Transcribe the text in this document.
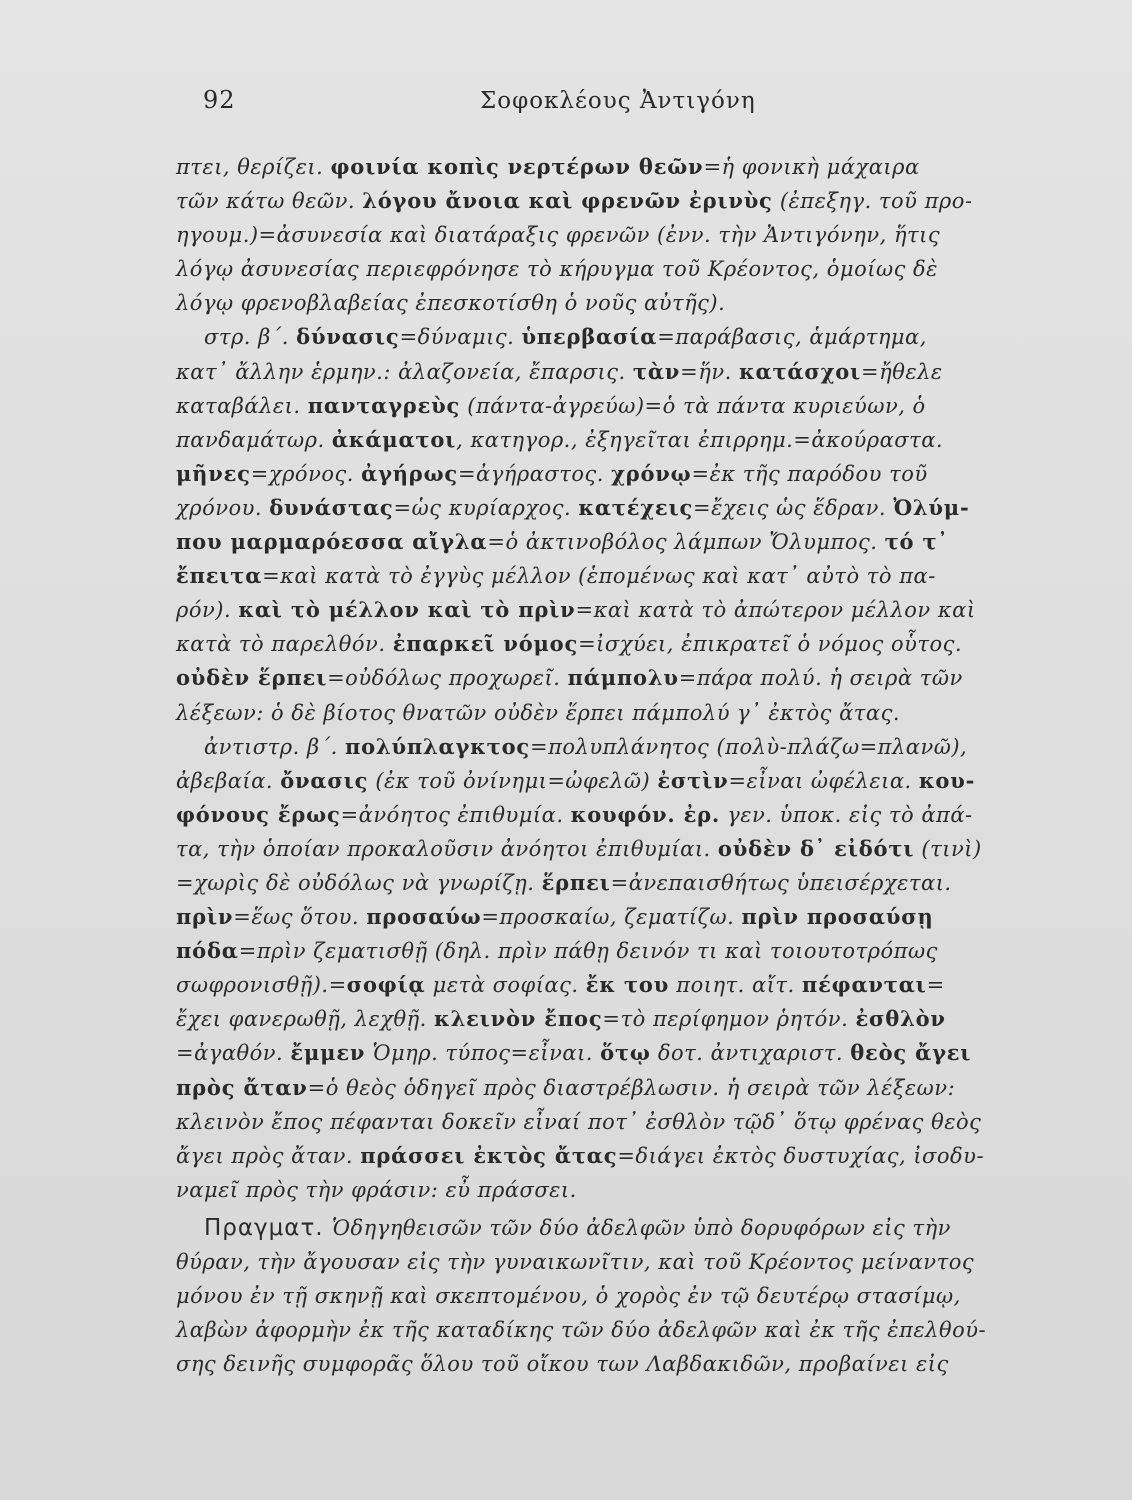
92	Σοφοκλέους Ἀντιγόνη
πτει, θερίζει. φοινία κοπὶς νερτέρων θεῶν=ἡ φονικὴ μάχαιρα
τῶν κάτω θεῶν. λόγου ἄνοια καὶ φρενῶν ἐρινὺς (ἐπεξηγ. τοῦ προ-
ηγουμ.)=ἀσυνεσία καὶ διατάραξις φρενῶν (ἐνν. τὴν Ἀντιγόνην, ἥτις
λόγῳ ἀσυνεσίας περιεφρόνησε τὸ κήρυγμα τοῦ Κρέοντος, ὁμοίως δὲ
λόγῳ φρενοβλαβείας ἐπεσκοτίσθη ὁ νοῦς αὐτῆς).
στρ. β΄. δύνασις=δύναμις. ὑπερβασία=παράβασις, ἁμάρτημα,
κατ᾽ ἄλλην ἑρμην.: ἀλαζονεία, ἔπαρσις. τὰν=ἥν. κατάσχοι=ἤθελε
καταβάλει. πανταγρεὺς (πάντα-ἀγρεύω)=ὁ τὰ πάντα κυριεύων, ὁ
πανδαμάτωρ. ἀκάματοι, κατηγορ., ἐξηγεῖται ἐπιρρημ.=ἀκούραστα.
μῆνες=χρόνος. ἀγήρως=ἀγήραστος. χρόνῳ=ἐκ τῆς παρόδου τοῦ
χρόνου. δυνάστας=ὡς κυρίαρχος. κατέχεις=ἔχεις ὡς ἕδραν. Ὀλύμ-
που μαρμαρόεσσα αἴγλα=ὁ ἀκτινοβόλος λάμπων Ὄλυμπος. τό τ᾽
ἔπειτα=καὶ κατὰ τὸ ἐγγὺς μέλλον (ἑπομένως καὶ κατ᾽ αὐτὸ τὸ πα-
ρόν). καὶ τὸ μέλλον καὶ τὸ πρὶν=καὶ κατὰ τὸ ἀπώτερον μέλλον καὶ
κατὰ τὸ παρελθόν. ἐπαρκεῖ νόμος=ἰσχύει, ἐπικρατεῖ ὁ νόμος οὗτος.
οὐδὲν ἕρπει=οὐδόλως προχωρεῖ. πάμπολυ=πάρα πολύ. ἡ σειρὰ τῶν
λέξεων: ὁ δὲ βίοτος θνατῶν οὐδὲν ἕρπει πάμπολύ γ᾽ ἐκτὸς ἄτας.
ἀντιστρ. β΄. πολύπλαγκτος=πολυπλάνητος (πολὺ-πλάζω=πλανῶ),
ἀβεβαία. ὄνασις (ἐκ τοῦ ὀνίνημι=ὠφελῶ) ἐστὶν=εἶναι ὠφέλεια. κου-
φόνους ἔρως=ἀνόητος ἐπιθυμία. κουφόν. ἐρ. γεν. ὑποκ. εἰς τὸ ἀπά-
τα, τὴν ὁποίαν προκαλοῦσιν ἀνόητοι ἐπιθυμίαι. οὐδὲν δ᾽ εἰδότι (τινὶ)
=χωρὶς δὲ οὐδόλως νὰ γνωρίζῃ. ἕρπει=ἀνεπαισθήτως ὑπεισέρχεται.
πρὶν=ἕως ὅτου. προσαύω=προσκαίω, ζεματίζω. πρὶν προσαύσῃ
πόδα=πρὶν ζεματισθῇ (δηλ. πρὶν πάθῃ δεινόν τι καὶ τοιουτοτρόπως
σωφρονισθῇ).=σοφίᾳ μετὰ σοφίας. ἔκ του ποιητ. αἴτ. πέφανται=
ἔχει φανερωθῇ, λεχθῇ. κλεινὸν ἔπος=τὸ περίφημον ῥητόν. ἐσθλὸν
=ἀγαθόν. ἔμμεν Ὁμηρ. τύπος=εἶναι. ὅτῳ δοτ. ἀντιχαριστ. θεὸς ἄγει
πρὸς ἄταν=ὁ θεὸς ὁδηγεῖ πρὸς διαστρέβλωσιν. ἡ σειρὰ τῶν λέξεων:
κλεινὸν ἔπος πέφανται δοκεῖν εἶναί ποτ᾽ ἐσθλὸν τῷδ᾽ ὅτῳ φρένας θεὸς
ἄγει πρὸς ἄταν. πράσσει ἐκτὸς ἄτας=διάγει ἐκτὸς δυστυχίας, ἰσοδυ-
ναμεῖ πρὸς τὴν φράσιν: εὖ πράσσει.
Πραγματ. Ὁδηγηθεισῶν τῶν δύο ἀδελφῶν ὑπὸ δορυφόρων εἰς τὴν
θύραν, τὴν ἄγουσαν εἰς τὴν γυναικωνῖτιν, καὶ τοῦ Κρέοντος μείναντος
μόνου ἐν τῇ σκηνῇ καὶ σκεπτομένου, ὁ χορὸς ἐν τῷ δευτέρῳ στασίμῳ,
λαβὼν ἀφορμὴν ἐκ τῆς καταδίκης τῶν δύο ἀδελφῶν καὶ ἐκ τῆς ἐπελθού-
σης δεινῆς συμφορᾶς ὅλου τοῦ οἴκου των Λαβδακιδῶν, προβαίνει εἰς
